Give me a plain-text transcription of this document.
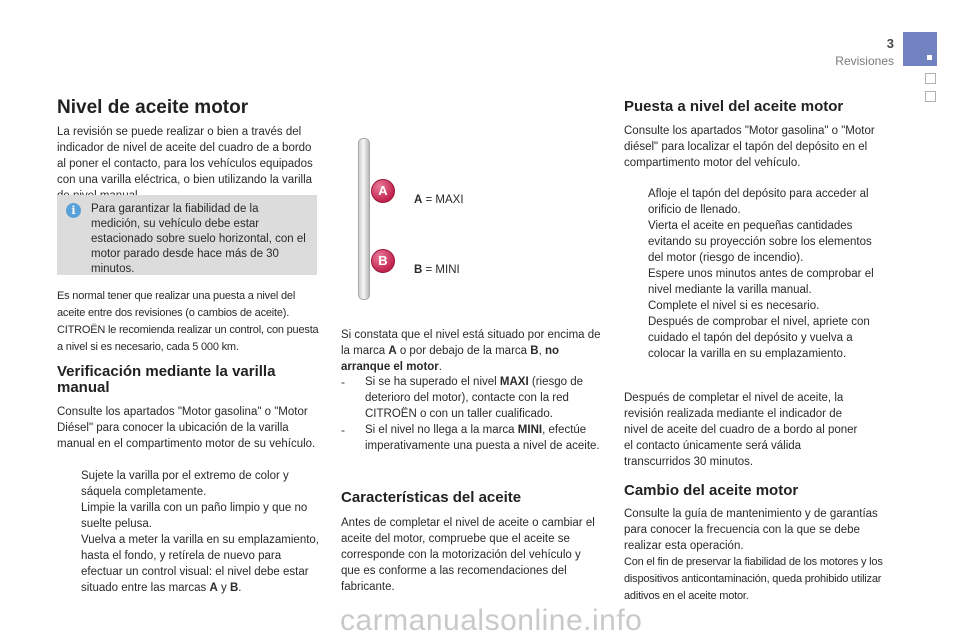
3
Revisiones
Nivel de aceite motor

La revisión se puede realizar o bien a través del indicador de nivel de aceite del cuadro de a bordo al poner el contacto, para los vehículos equipados con una varilla eléctrica, o bien utilizando la varilla

i	Para garantizar la fiabilidad de la medición, su vehículo debe estar estacionado sobre suelo horizontal, con el motor parado desde hace más de 30 minutos.

Es normal tener que realizar una puesta a nivel del aceite entre dos revisiones (o cambios de aceite). CITROËN le recomienda realizar un control, con puesta a nivel si es necesario, cada 5 000 km.

Verificación mediante la varilla manual

Consulte los apartados "Motor gasolina" o "Motor Diésel" para conocer la ubicación de la varilla manual en el compartimento motor de su vehículo.

Sujete la varilla por el extremo de color y sáquela completamente.
Limpie la varilla con un paño limpio y que no suelte pelusa.
Vuelva a meter la varilla en su emplazamiento, hasta el fondo, y retírela de nuevo para efectuar un control visual: el nivel debe estar situado entre las marcas A y B.
A
B
A = MAXI
B = MINI

Si constata que el nivel está situado por encima de la marca A o por debajo de la marca B, no arranque el motor.

-	Si se ha superado el nivel MAXI (riesgo de deterioro del motor), contacte con la red CITROËN o con un taller cualificado.
-	Si el nivel no llega a la marca MINI, efectúe imperativamente una puesta a nivel de aceite.
Características del aceite

Antes de completar el nivel de aceite o cambiar el aceite del motor, compruebe que el aceite se corresponde con la motorización del vehículo y que es conforme a las recomendaciones del fabricante.

Puesta a nivel del aceite motor

Consulte los apartados "Motor gasolina" o "Motor diésel" para localizar el tapón del depósito en el compartimento motor del vehículo.

Afloje el tapón del depósito para acceder al orificio de llenado.
Vierta el aceite en pequeñas cantidades evitando su proyección sobre los elementos del motor (riesgo de incendio).
Espere unos minutos antes de comprobar el nivel mediante la varilla manual.
Complete el nivel si es necesario.
Después de comprobar el nivel, apriete con cuidado el tapón del depósito y vuelva a colocar la varilla en su emplazamiento.

Después de completar el nivel de aceite, la revisión realizada mediante el indicador de nivel de aceite del cuadro de a bordo al poner el contacto únicamente será válida transcurridos 30 minutos.

Cambio del aceite motor

Consulte la guía de mantenimiento y de garantías para conocer la frecuencia con la que se debe realizar esta operación.

Con el fin de preservar la fiabilidad de los motores y los dispositivos anticontaminación, queda prohibido utilizar aditivos en el aceite motor.

carmanualsonline.info
